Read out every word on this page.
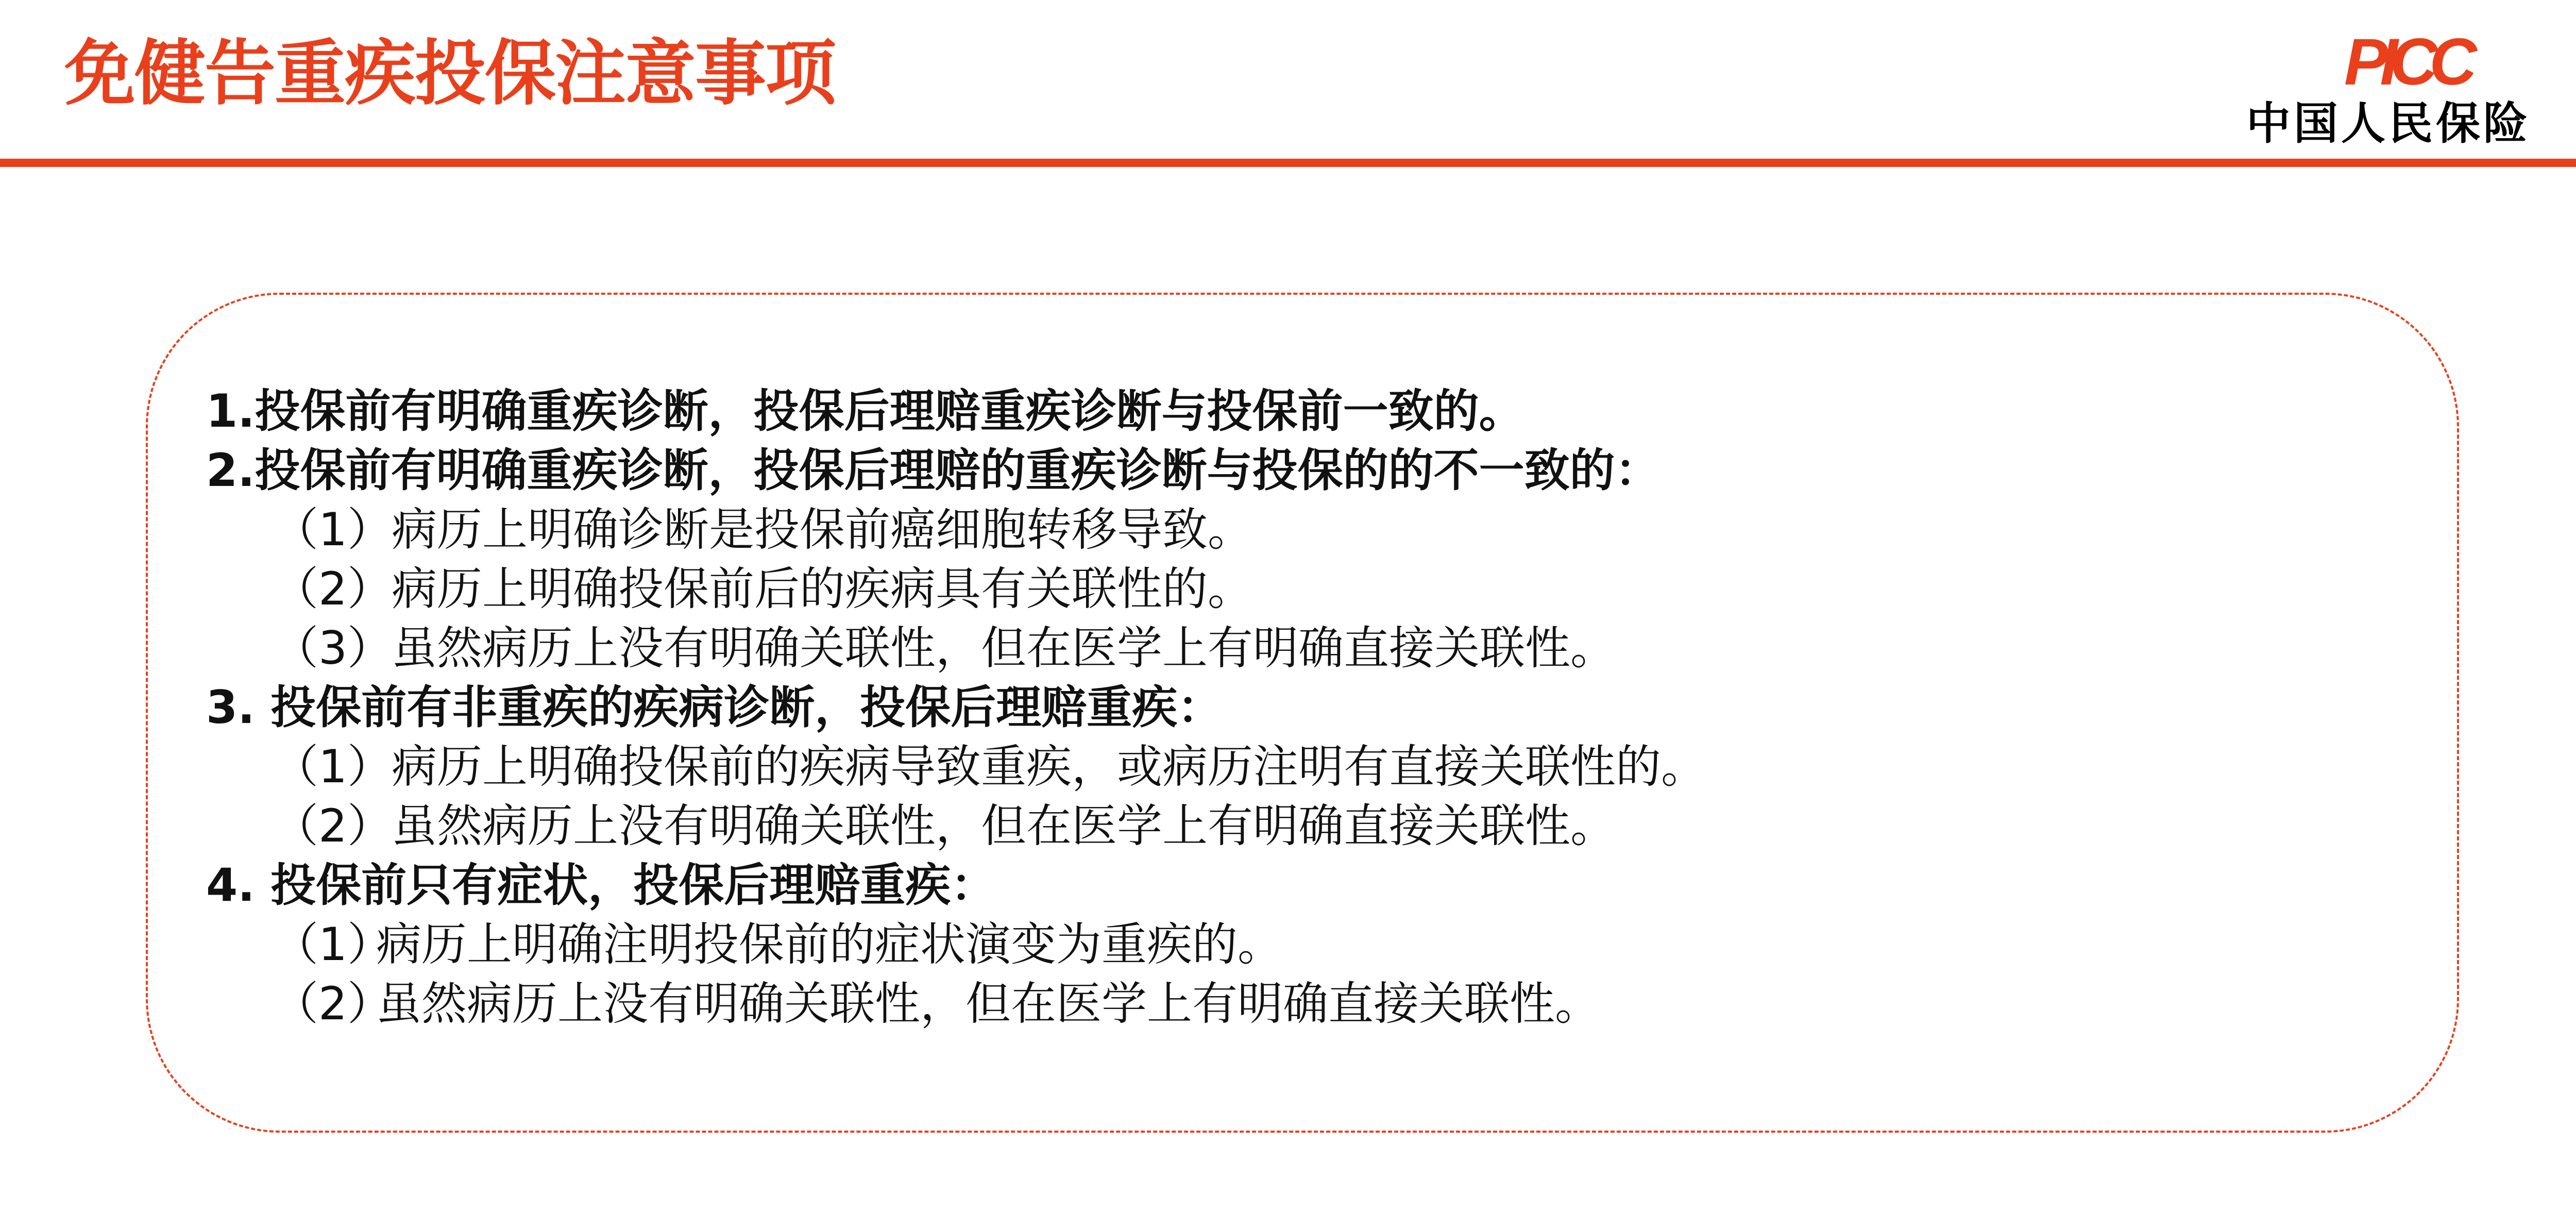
免健告重疾投保注意事项	PICC
中国人民保险
1.投保前有明确重疾诊断，投保后理赔重疾诊断与投保前一致的。
2.投保前有明确重疾诊断，投保后理赔的重疾诊断与投保的的不一致的：
（1）病历上明确诊断是投保前癌细胞转移导致。
（2）病历上明确投保前后的疾病具有关联性的。
（3）虽然病历上没有明确关联性，但在医学上有明确直接关联性。
3. 投保前有非重疾的疾病诊断，投保后理赔重疾：
（1）病历上明确投保前的疾病导致重疾，或病历注明有直接关联性的。
（2）虽然病历上没有明确关联性，但在医学上有明确直接关联性。
4. 投保前只有症状，投保后理赔重疾：
（1）病历上明确注明投保前的症状演变为重疾的。
（2）虽然病历上没有明确关联性，但在医学上有明确直接关联性。
